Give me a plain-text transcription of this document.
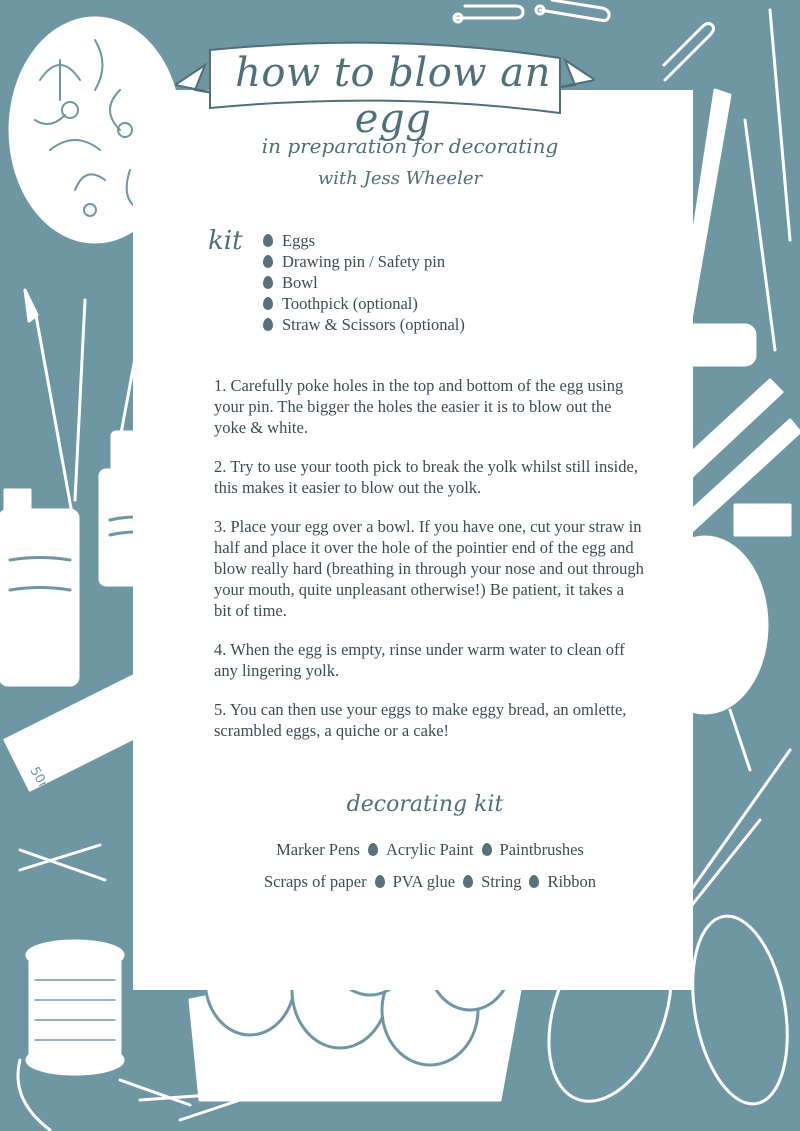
50ml
how to blow an egg
in preparation for decorating
with Jess Wheeler
kit	Eggs
Drawing pin / Safety pin
Bowl
Toothpick (optional)
Straw & Scissors (optional)

1. Carefully poke holes in the top and bottom of the egg using your pin. The bigger the holes the easier it is to blow out the yoke & white.

2. Try to use your tooth pick to break the yolk whilst still inside, this makes it easier to blow out the yolk.

3. Place your egg over a bowl. If you have one, cut your straw in half and place it over the hole of the pointier end of the egg and blow really hard (breathing in through your nose and out through your mouth, quite unpleasant otherwise!) Be patient, it takes a bit of time.

4. When the egg is empty, rinse under warm water to clean off any lingering yolk.

5. You can then use your eggs to make eggy bread, an omlette, scrambled eggs, a quiche or a cake!

decorating kit
Marker Pens Acrylic Paint Paintbrushes
Scraps of paper PVA glue String Ribbon
